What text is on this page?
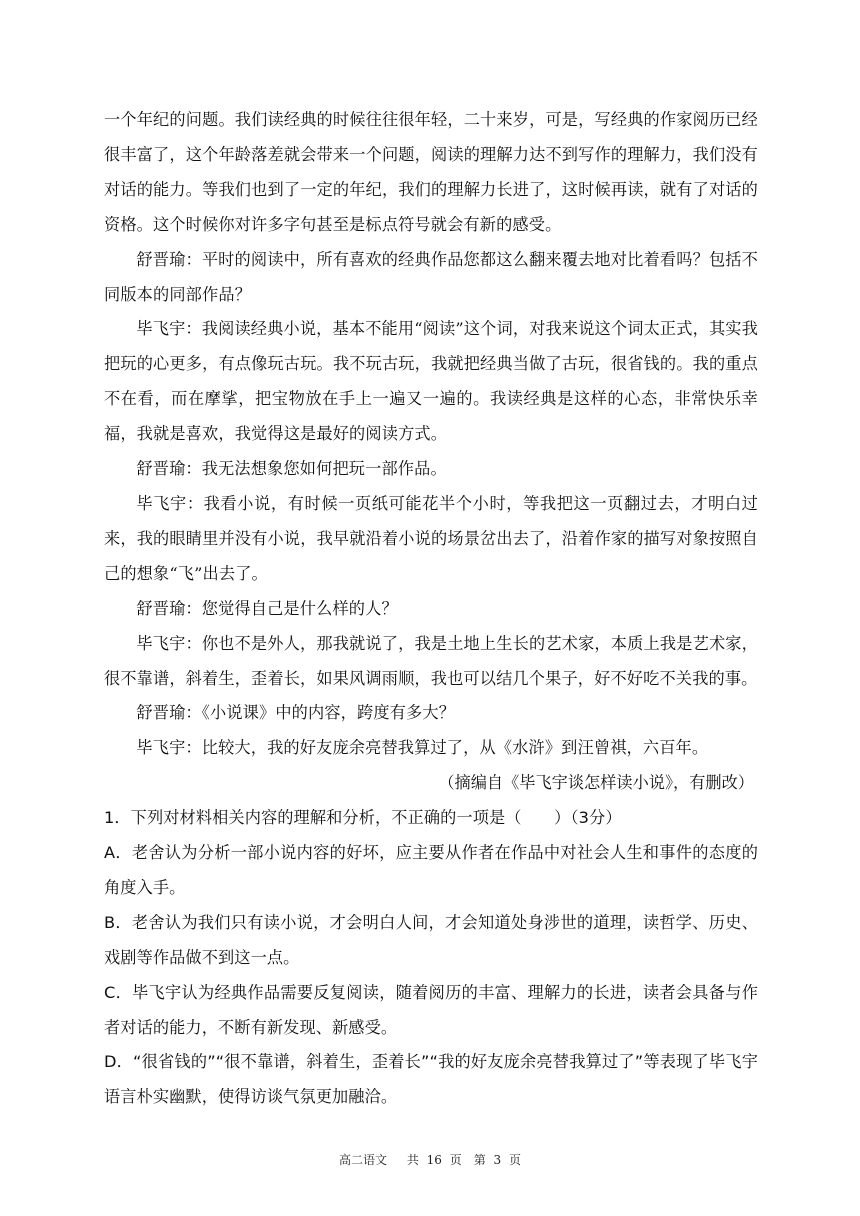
一个年纪的问题。我们读经典的时候往往很年轻，二十来岁，可是，写经典的作家阅历已经很丰富了，这个年龄落差就会带来一个问题，阅读的理解力达不到写作的理解力，我们没有对话的能力。等我们也到了一定的年纪，我们的理解力长进了，这时候再读，就有了对话的资格。这个时候你对许多字句甚至是标点符号就会有新的感受。

舒晋瑜：平时的阅读中，所有喜欢的经典作品您都这么翻来覆去地对比着看吗？包括不同版本的同部作品？

毕飞宇：我阅读经典小说，基本不能用“阅读”这个词，对我来说这个词太正式，其实我把玩的心更多，有点像玩古玩。我不玩古玩，我就把经典当做了古玩，很省钱的。我的重点不在看，而在摩挲，把宝物放在手上一遍又一遍的。我读经典是这样的心态，非常快乐幸福，我就是喜欢，我觉得这是最好的阅读方式。

舒晋瑜：我无法想象您如何把玩一部作品。

毕飞宇：我看小说，有时候一页纸可能花半个小时，等我把这一页翻过去，才明白过来，我的眼睛里并没有小说，我早就沿着小说的场景岔出去了，沿着作家的描写对象按照自己的想象“飞”出去了。

舒晋瑜：您觉得自己是什么样的人？

毕飞宇：你也不是外人，那我就说了，我是土地上生长的艺术家，本质上我是艺术家，很不靠谱，斜着生，歪着长，如果风调雨顺，我也可以结几个果子，好不好吃不关我的事。

舒晋瑜：《小说课》中的内容，跨度有多大？

毕飞宇：比较大，我的好友庞余亮替我算过了，从《水浒》到汪曾祺，六百年。

（摘编自《毕飞宇谈怎样读小说》，有删改）

1．下列对材料相关内容的理解和分析，不正确的一项是（　　）（3分）

A．老舍认为分析一部小说内容的好坏，应主要从作者在作品中对社会人生和事件的态度的角度入手。

B．老舍认为我们只有读小说，才会明白人间，才会知道处身涉世的道理，读哲学、历史、戏剧等作品做不到这一点。

C．毕飞宇认为经典作品需要反复阅读，随着阅历的丰富、理解力的长进，读者会具备与作者对话的能力，不断有新发现、新感受。

D．“很省钱的”“很不靠谱，斜着生，歪着长”“我的好友庞余亮替我算过了”等表现了毕飞宇语言朴实幽默，使得访谈气氛更加融洽。

高二语文　 共 16 页　第 3 页
